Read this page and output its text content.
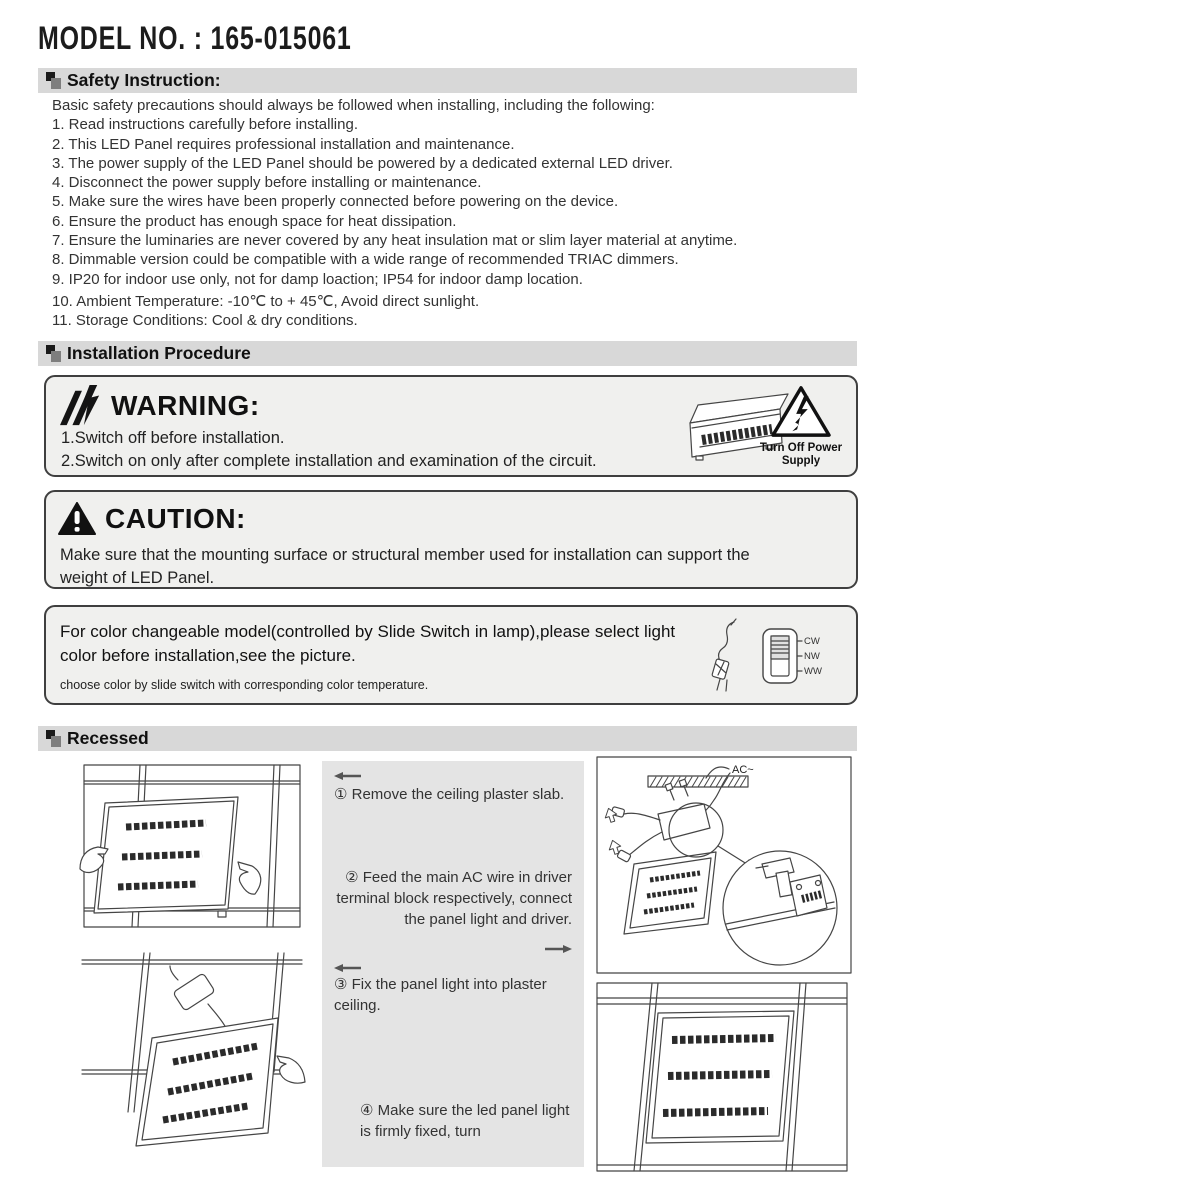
MODEL NO. : 165-015061
Safety Instruction:
Basic safety precautions should always be followed when installing, including the following:
1. Read instructions carefully before installing.
2. This LED Panel requires professional installation and maintenance.
3. The power supply of the LED Panel should be powered by a dedicated external LED driver.
4. Disconnect the power supply before installing or maintenance.
5. Make sure the wires have been properly connected before powering on the device.
6. Ensure the product has enough space for heat dissipation.
7. Ensure the luminaries are never covered by any heat insulation mat or slim layer material at anytime.
8. Dimmable version could be compatible with a wide range of recommended TRIAC dimmers.
9. IP20 for indoor use only, not for damp loaction; IP54 for indoor damp location.
10. Ambient Temperature: -10℃ to + 45℃, Avoid direct sunlight.
11. Storage Conditions: Cool & dry conditions.
Installation Procedure
WARNING:
1.Switch off before installation.
2.Switch on only after complete installation and examination of the circuit.
Turn Off Power Supply
CAUTION:
Make sure that the mounting surface or structural member used for installation can support the weight of LED Panel.
For color changeable model(controlled by Slide Switch in lamp),please select light color before installation,see the picture.
choose color by slide switch with corresponding color temperature.
CW
NW
WW
Recessed
① Remove the ceiling plaster slab.
② Feed the main AC wire in driver terminal block respectively, connect the panel light and driver.
③ Fix the panel light into plaster ceiling.
④ Make sure the led panel light is firmly fixed, turn
AC~
